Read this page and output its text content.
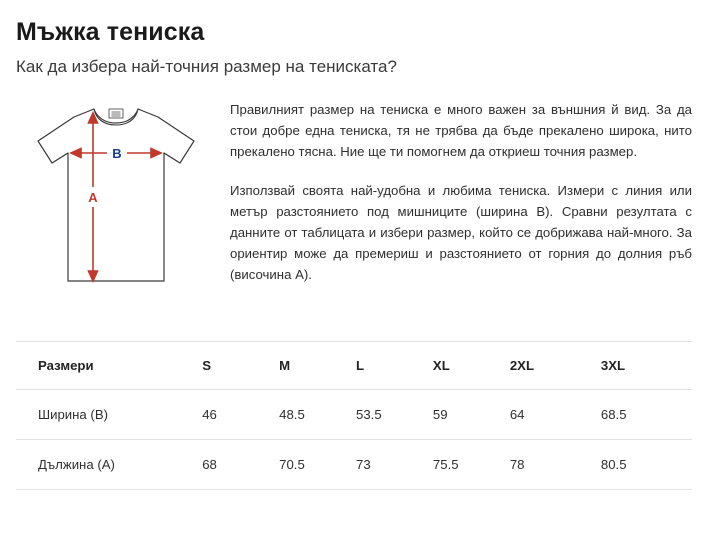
Мъжка тениска
Как да избера най-точния размер на тениската?
B
A

Правилният размер на тениска е много важен за външния й вид. За да стои добре една тениска, тя не трябва да бъде прекалено широка, нито прекалено тясна. Ние ще ти помогнем да откриеш точния размер.

Използвай своята най-удобна и любима тениска. Измери с линия или метър разстоянието под мишниците (ширина B). Сравни резултата с данните от таблицата и избери размер, който се добрижава най-много. За ориентир може да премериш и разстоянието от горния до долния ръб (височина A).

Размери	S	M	L	XL	2XL	3XL
Ширина (B)	46	48.5	53.5	59	64	68.5
Дължина (A)	68	70.5	73	75.5	78	80.5
